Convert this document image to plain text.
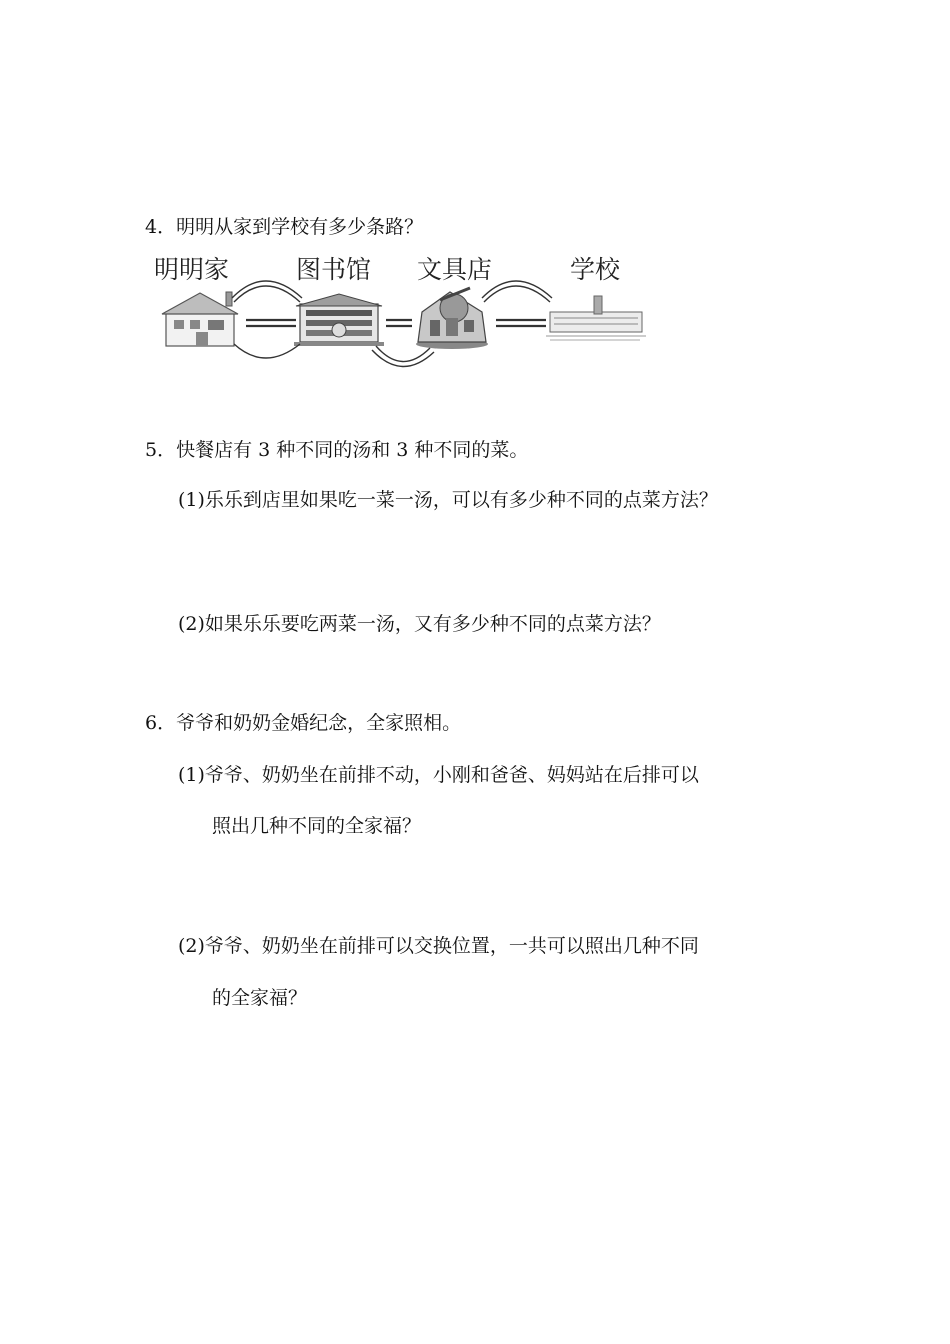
4．明明从家到学校有多少条路？
明明家	图书馆 文具店	学校
5．快餐店有 3 种不同的汤和 3 种不同的菜。
(1)乐乐到店里如果吃一菜一汤，可以有多少种不同的点菜方法？
(2)如果乐乐要吃两菜一汤，又有多少种不同的点菜方法？
6．爷爷和奶奶金婚纪念，全家照相。
(1)爷爷、奶奶坐在前排不动，小刚和爸爸、妈妈站在后排可以
照出几种不同的全家福？
(2)爷爷、奶奶坐在前排可以交换位置，一共可以照出几种不同
的全家福？
